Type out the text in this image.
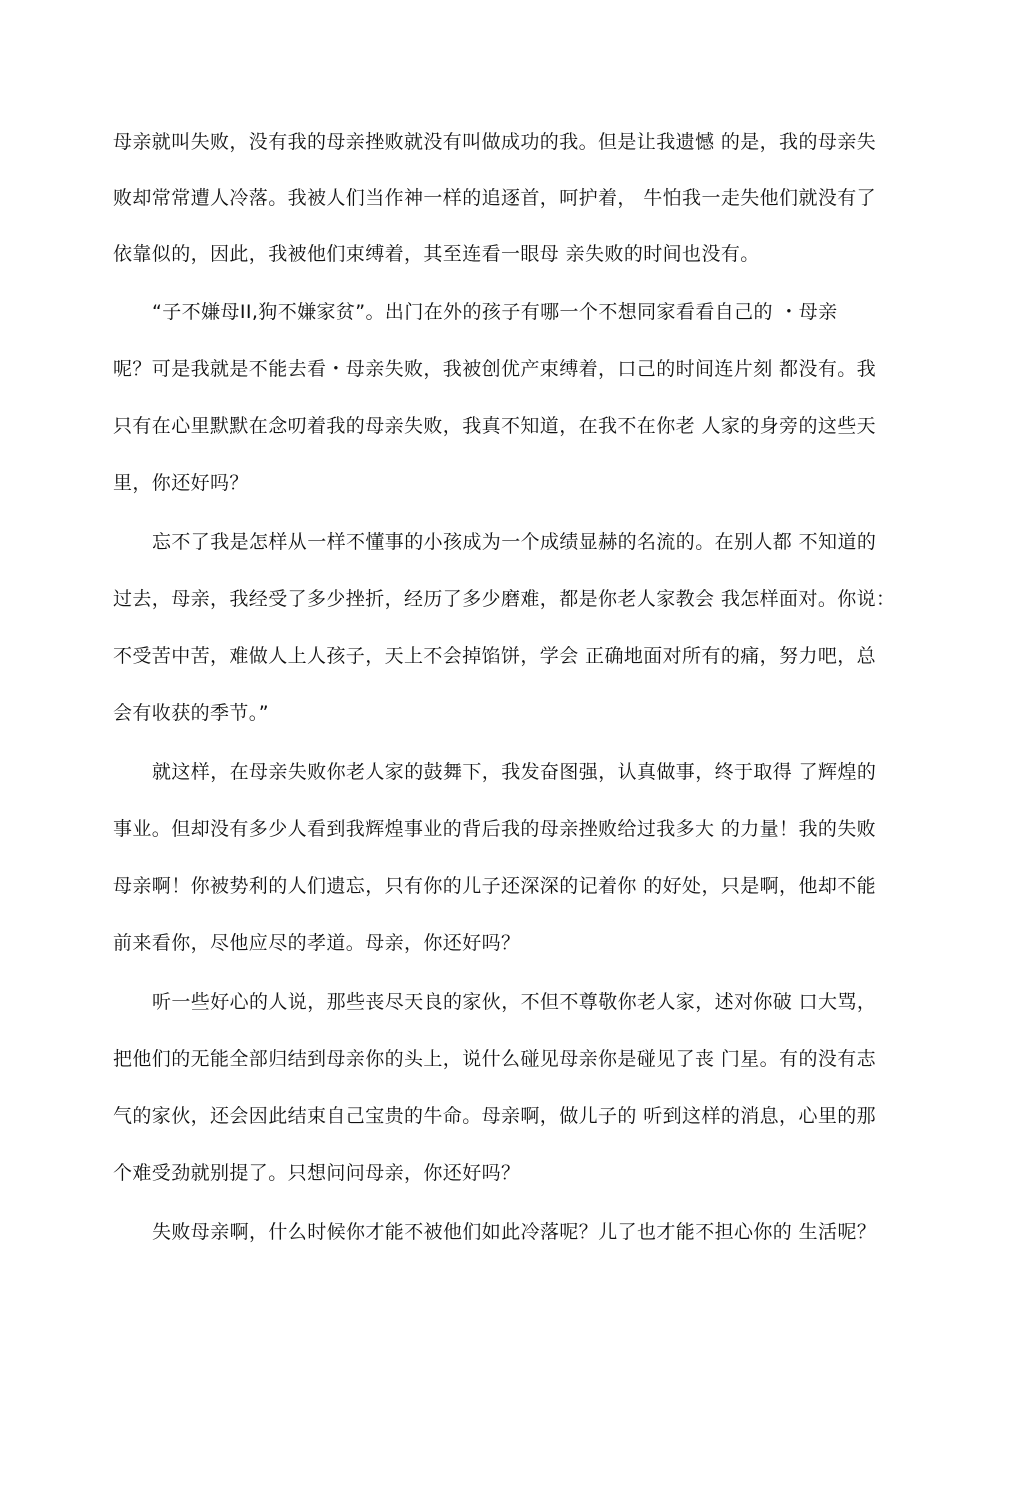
母亲就叫失败，没有我的母亲挫败就没有叫做成功的我。但是让我遗憾 的是，我的母亲失
败却常常遭人冷落。我被人们当作神一样的追逐首，呵护着， 牛怕我一走失他们就没有了
依靠似的，因此，我被他们束缚着，其至连看一眼母 亲失败的时间也没有。
“子不嫌母II,狗不嫌家贫”。出门在外的孩子有哪一个不想同家看看自己的 ・母亲
呢？可是我就是不能去看・母亲失败，我被创优产束缚着，口己的时间连片刻 都没有。我
只有在心里默默在念叨着我的母亲失败，我真不知道，在我不在你老 人家的身旁的这些天
里，你还好吗？
忘不了我是怎样从一样不懂事的小孩成为一个成绩显赫的名流的。在别人都 不知道的
过去，母亲，我经受了多少挫折，经历了多少磨难，都是你老人家教会 我怎样面对。你说：
不受苦中苦，难做人上人孩子，天上不会掉馅饼，学会 正确地面对所有的痛，努力吧，总
会有收获的季节。”
就这样，在母亲失败你老人家的鼓舞下，我发奋图强，认真做事，终于取得 了辉煌的
事业。但却没有多少人看到我辉煌事业的背后我的母亲挫败给过我多大 的力量！我的失败
母亲啊！你被势利的人们遗忘，只有你的儿子还深深的记着你 的好处，只是啊，他却不能
前来看你，尽他应尽的孝道。母亲，你还好吗？
听一些好心的人说，那些丧尽天良的家伙，不但不尊敬你老人家，述对你破 口大骂，
把他们的无能全部归结到母亲你的头上，说什么碰见母亲你是碰见了丧 门星。有的没有志
气的家伙，还会因此结束自己宝贵的牛命。母亲啊，做儿子的 听到这样的消息，心里的那
个难受劲就别提了。只想问问母亲，你还好吗？
失败母亲啊，什么时候你才能不被他们如此冷落呢？儿了也才能不担心你的 生活呢？
